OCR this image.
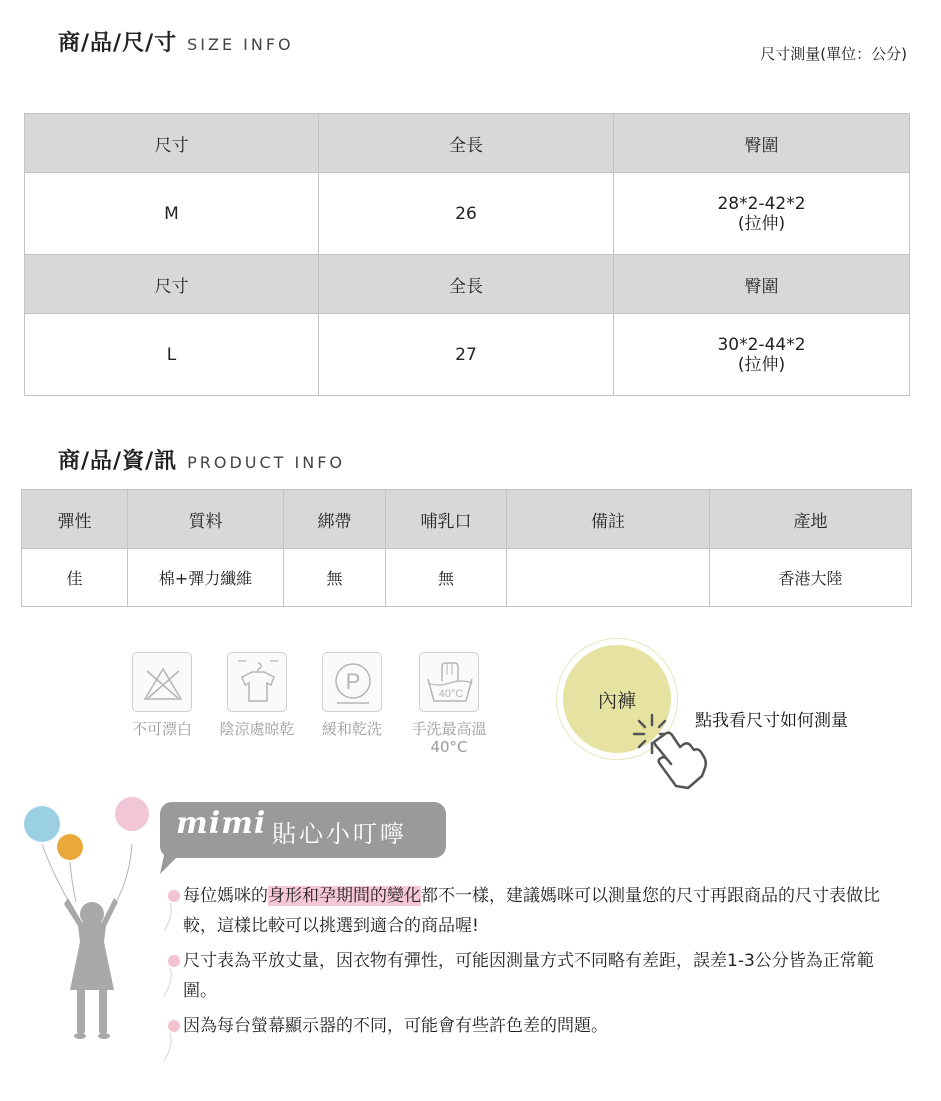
商/品/尺/寸 SIZE INFO	尺寸測量(單位：公分)
尺寸	全長	臀圍
M	26	28*2-42*2
(拉伸)

尺寸	全長	臀圍
L	27	30*2-44*2
(拉伸)
商/品/資/訊 PRODUCT INFO
彈性	質料	綁帶	哺乳口	備註	產地
佳	棉+彈力纖維	無	無		香港大陸
不可漂白	陰涼處晾乾
P
緩和乾洗
40°C
手洗最高溫
40°C
內褲
點我看尺寸如何測量
mimi 貼心小叮嚀
每位媽咪的身形和孕期間的變化都不一樣，建議媽咪可以測量您的尺寸再跟商品的尺寸表做比較，這樣比較可以挑選到適合的商品喔!
尺寸表為平放丈量，因衣物有彈性，可能因測量方式不同略有差距，誤差1-3公分皆為正常範圍。
因為每台螢幕顯示器的不同，可能會有些許色差的問題。
